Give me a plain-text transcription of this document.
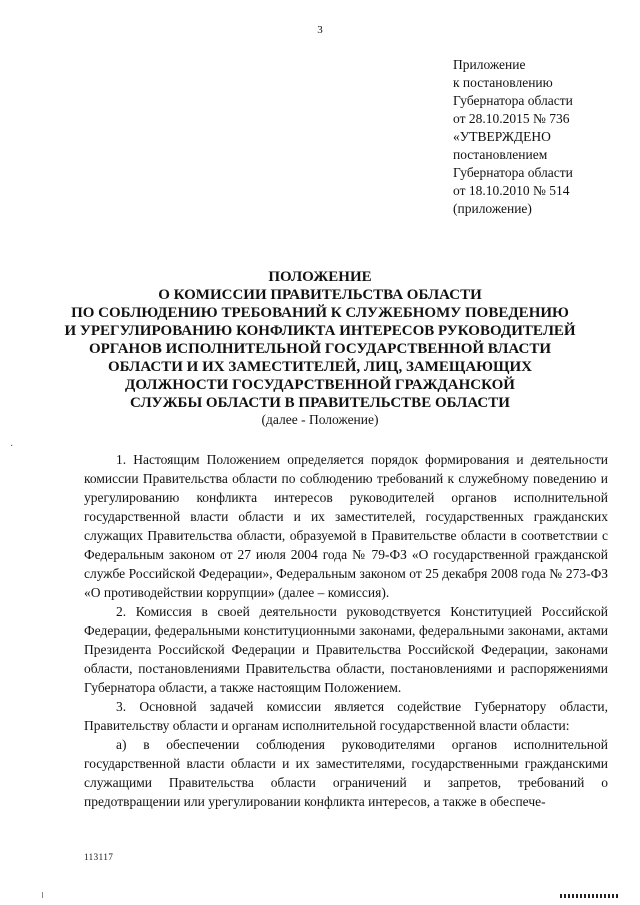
3
Приложение
к постановлению
Губернатора области
от 28.10.2015 № 736
«УТВЕРЖДЕНО
постановлением
Губернатора области
от 18.10.2010 № 514
(приложение)
ПОЛОЖЕНИЕ
О КОМИССИИ ПРАВИТЕЛЬСТВА ОБЛАСТИ
ПО СОБЛЮДЕНИЮ ТРЕБОВАНИЙ К СЛУЖЕБНОМУ ПОВЕДЕНИЮ
И УРЕГУЛИРОВАНИЮ КОНФЛИКТА ИНТЕРЕСОВ РУКОВОДИТЕЛЕЙ
ОРГАНОВ ИСПОЛНИТЕЛЬНОЙ ГОСУДАРСТВЕННОЙ ВЛАСТИ
ОБЛАСТИ И ИХ ЗАМЕСТИТЕЛЕЙ, ЛИЦ, ЗАМЕЩАЮЩИХ
ДОЛЖНОСТИ ГОСУДАРСТВЕННОЙ ГРАЖДАНСКОЙ
СЛУЖБЫ ОБЛАСТИ В ПРАВИТЕЛЬСТВЕ ОБЛАСТИ
(далее - Положение)

1. Настоящим Положением определяется порядок формирования и деятельности комиссии Правительства области по соблюдению требований к служебному поведению и урегулированию конфликта интересов руководителей органов исполнительной государственной власти области и их заместителей, государственных гражданских служащих Правительства области, образуемой в Правительстве области в соответствии с Федеральным законом от 27 июля 2004 года № 79-ФЗ «О государственной гражданской службе Российской Федерации», Федеральным законом от 25 декабря 2008 года № 273-ФЗ «О противодействии коррупции» (далее – комиссия).

2. Комиссия в своей деятельности руководствуется Конституцией Российской Федерации, федеральными конституционными законами, федеральными законами, актами Президента Российской Федерации и Правительства Российской Федерации, законами области, постановлениями Правительства области, постановлениями и распоряжениями Губернатора области, а также настоящим Положением.

3. Основной задачей комиссии является содействие Губернатору области, Правительству области и органам исполнительной государственной власти области:

а) в обеспечении соблюдения руководителями органов исполнительной государственной власти области и их заместителями, государственными гражданскими служащими Правительства области ограничений и запретов, требований о предотвращении или урегулировании конфликта интересов, а также в обеспече-

·
113117
